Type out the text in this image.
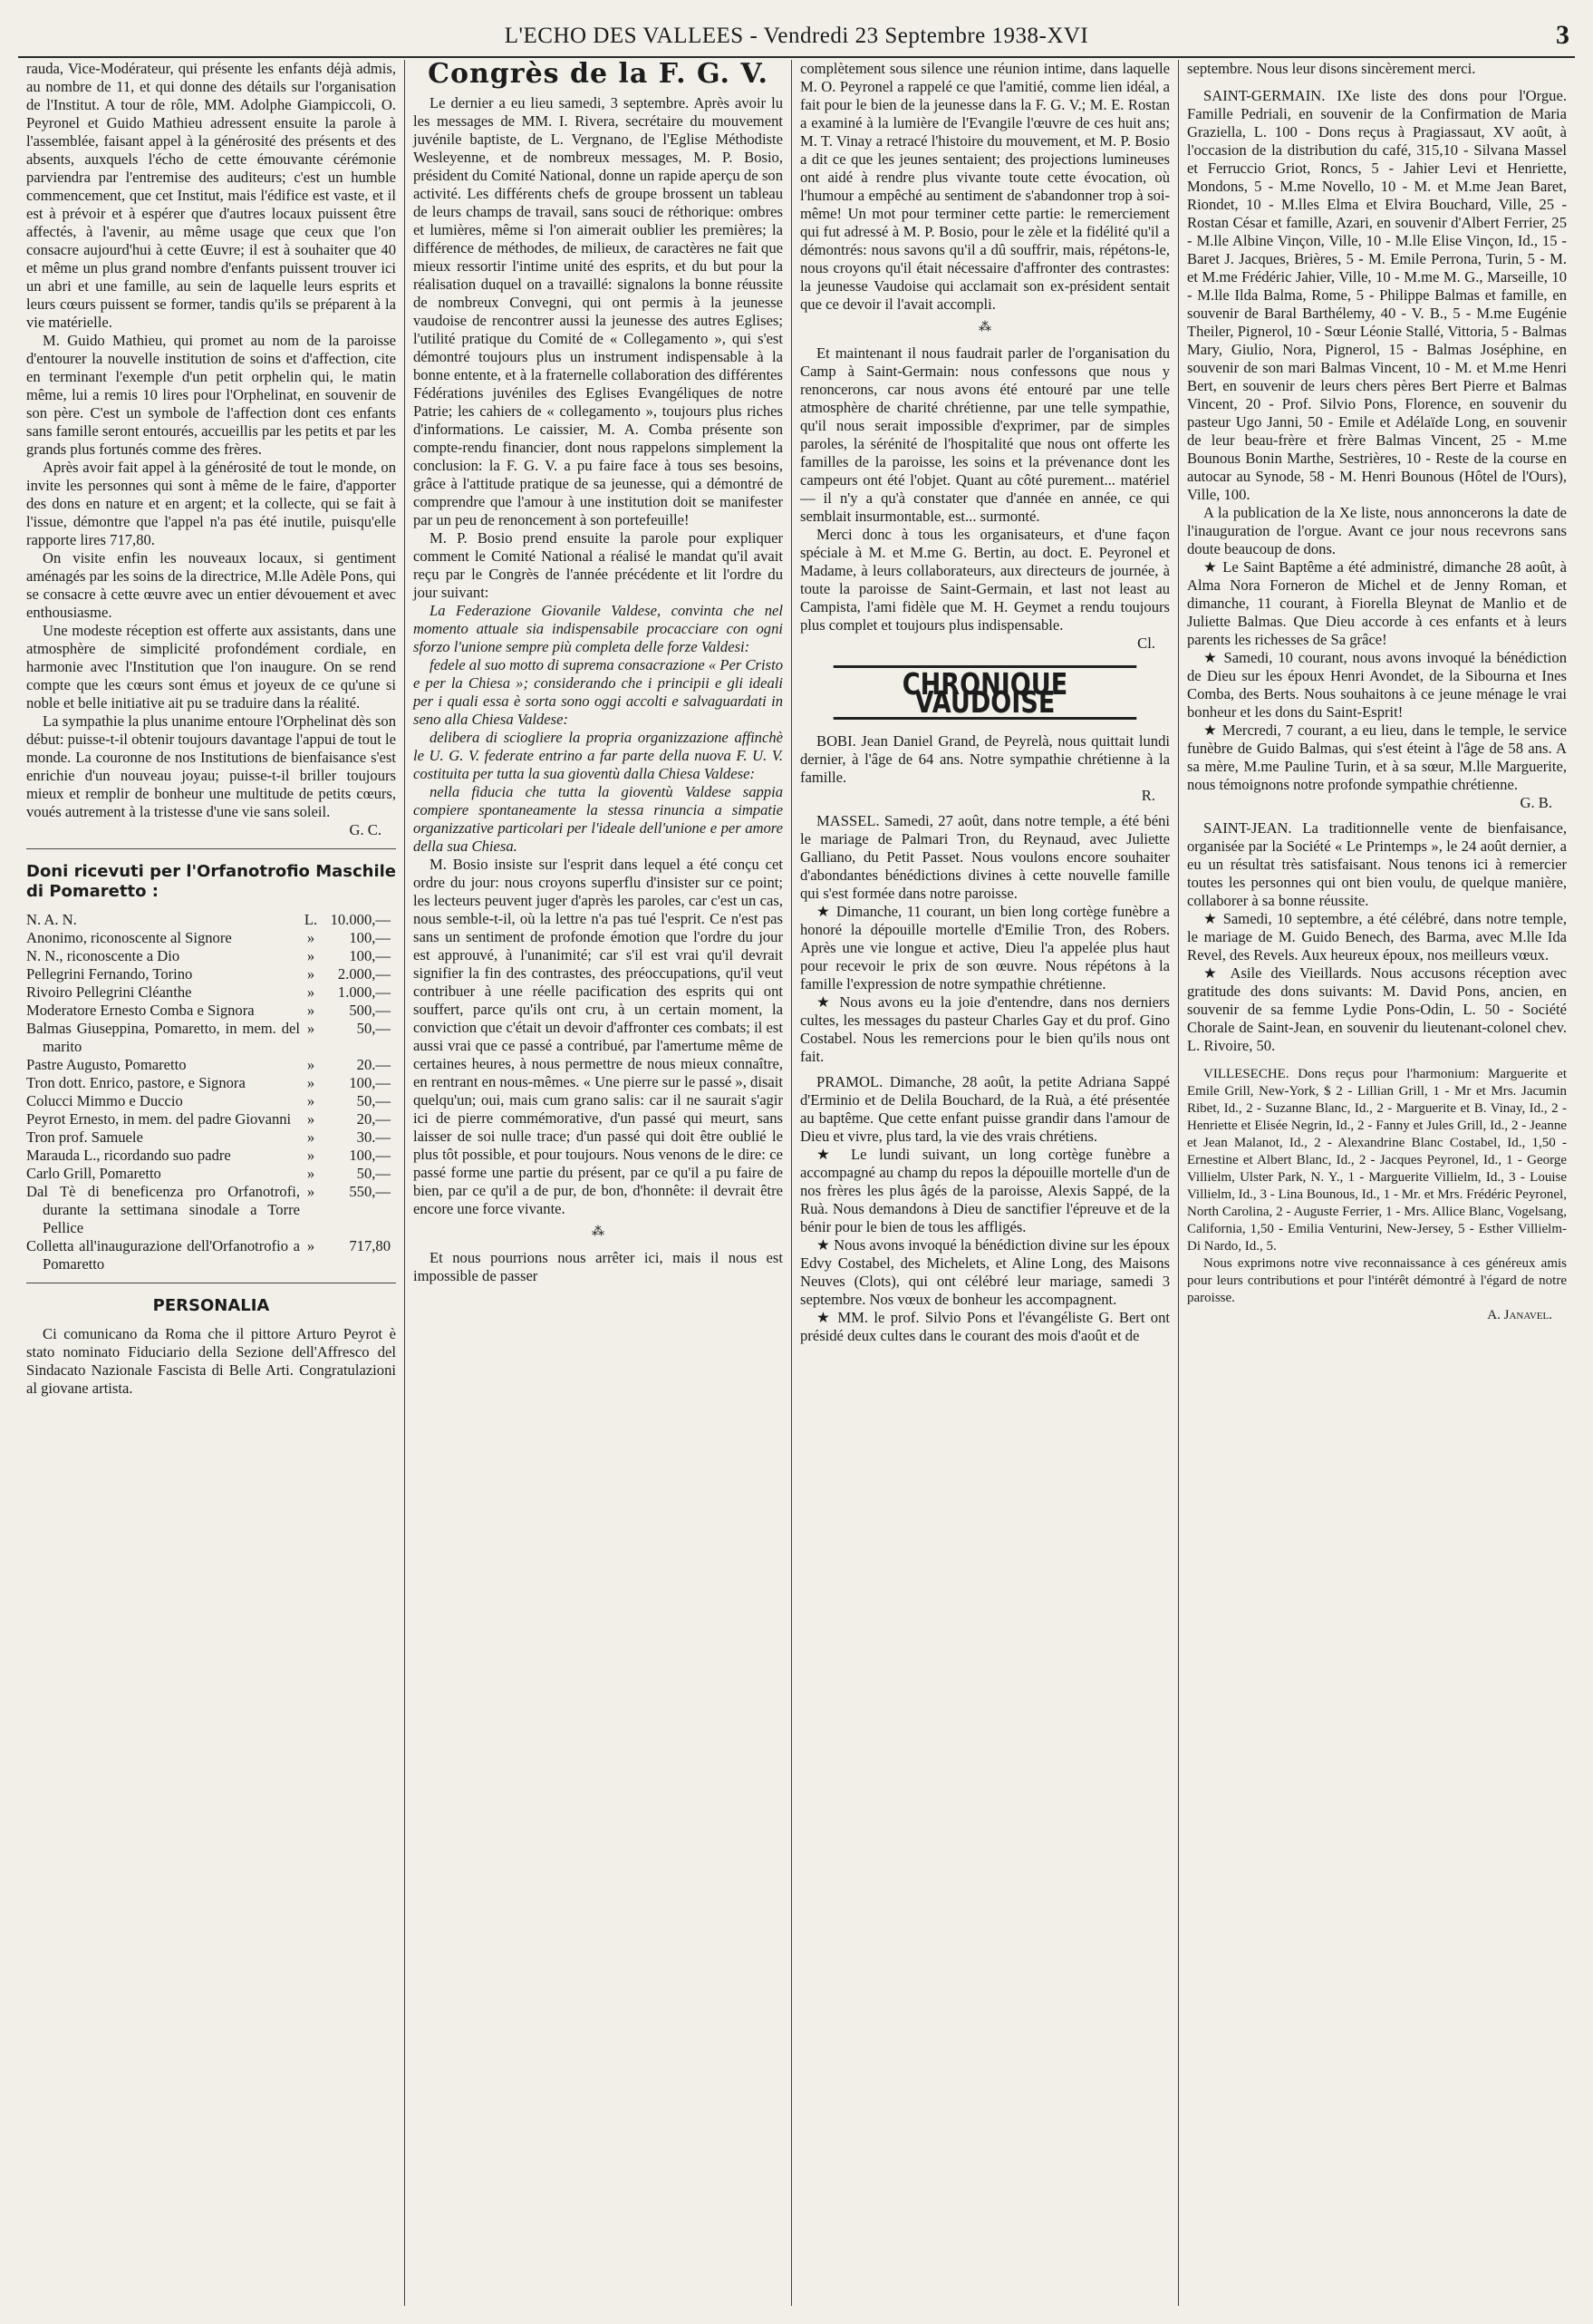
L'ECHO DES VALLEES - Vendredi 23 Septembre 1938-XVI	3

rauda, Vice-Modérateur, qui présente les enfants déjà admis, au nombre de 11, et qui donne des détails sur l'organisation de l'Institut. A tour de rôle, MM. Adolphe Giampiccoli, O. Peyronel et Guido Mathieu adressent ensuite la parole à l'assemblée, faisant appel à la générosité des présents et des absents, auxquels l'écho de cette émouvante cérémonie parviendra par l'entremise des auditeurs; c'est un humble commencement, que cet Institut, mais l'édifice est vaste, et il est à prévoir et à espérer que d'autres locaux puissent être affectés, à l'avenir, au même usage que ceux que l'on consacre aujourd'hui à cette Œuvre; il est à souhaiter que 40 et même un plus grand nombre d'enfants puissent trouver ici un abri et une famille, au sein de laquelle leurs esprits et leurs cœurs puissent se former, tandis qu'ils se préparent à la vie matérielle.

M. Guido Mathieu, qui promet au nom de la paroisse d'entourer la nouvelle institution de soins et d'affection, cite en terminant l'exemple d'un petit orphelin qui, le matin même, lui a remis 10 lires pour l'Orphelinat, en souvenir de son père. C'est un symbole de l'affection dont ces enfants sans famille seront entourés, accueillis par les petits et par les grands plus fortunés comme des frères.

Après avoir fait appel à la générosité de tout le monde, on invite les personnes qui sont à même de le faire, d'apporter des dons en nature et en argent; et la collecte, qui se fait à l'issue, démontre que l'appel n'a pas été inutile, puisqu'elle rapporte lires 717,80.

On visite enfin les nouveaux locaux, si gentiment aménagés par les soins de la directrice, M.lle Adèle Pons, qui se consacre à cette œuvre avec un entier dévouement et avec enthousiasme.

Une modeste réception est offerte aux assistants, dans une atmosphère de simplicité profondément cordiale, en harmonie avec l'Institution que l'on inaugure. On se rend compte que les cœurs sont émus et joyeux de ce qu'une si noble et belle initiative ait pu se traduire dans la réalité.

La sympathie la plus unanime entoure l'Orphelinat dès son début: puisse-t-il obtenir toujours davantage l'appui de tout le monde. La couronne de nos Institutions de bienfaisance s'est enrichie d'un nouveau joyau; puisse-t-il briller toujours mieux et remplir de bonheur une multitude de petits cœurs, voués autrement à la tristesse d'une vie sans soleil.

G. C.
Doni ricevuti per l'Orfanotrofio Maschile di Pomaretto :
N. A. N.	L. 10.000,—
Anonimo, riconoscente al Signore	»	100,—
N. N., riconoscente a Dio	»	100,—
Pellegrini Fernando, Torino	»	2.000,—
Rivoiro Pellegrini Cléanthe	»	1.000,—
Moderatore Ernesto Comba e Signora	»	500,—
Balmas Giuseppina, Pomaretto, in mem. del marito
»	50,—
Pastre Augusto, Pomaretto	»	20.—
Tron dott. Enrico, pastore, e Signora	»	100,—
Colucci Mimmo e Duccio	»	50,—
Peyrot Ernesto, in mem. del padre Giovanni	»	20,—
Tron prof. Samuele	»	30.—
Marauda L., ricordando suo padre	»	100,—
Carlo Grill, Pomaretto	»	50,—
Dal Tè di beneficenza pro Orfanotrofi, durante la settimana sinodale a Torre Pellice
»	550,—
Colletta all'inaugurazione dell'Orfanotrofio a Pomaretto
»	717,80
PERSONALIA

Ci comunicano da Roma che il pittore Arturo Peyrot è stato nominato Fiduciario della Sezione dell'Affresco del Sindacato Nazionale Fascista di Belle Arti. Congratulazioni al giovane artista.

Congrès de la F. G. V.

Le dernier a eu lieu samedi, 3 septembre. Après avoir lu les messages de MM. I. Rivera, secrétaire du mouvement juvénile baptiste, de L. Vergnano, de l'Eglise Méthodiste Wesleyenne, et de nombreux messages, M. P. Bosio, président du Comité National, donne un rapide aperçu de son activité. Les différents chefs de groupe brossent un tableau de leurs champs de travail, sans souci de réthorique: ombres et lumières, même si l'on aimerait oublier les premières; la différence de méthodes, de milieux, de caractères ne fait que mieux ressortir l'intime unité des esprits, et du but pour la réalisation duquel on a travaillé: signalons la bonne réussite de nombreux Convegni, qui ont permis à la jeunesse vaudoise de rencontrer aussi la jeunesse des autres Eglises; l'utilité pratique du Comité de « Collegamento », qui s'est démontré toujours plus un instrument indispensable à la bonne entente, et à la fraternelle collaboration des différentes Fédérations juvéniles des Eglises Evangéliques de notre Patrie; les cahiers de « collegamento », toujours plus riches d'informations. Le caissier, M. A. Comba présente son compte-rendu financier, dont nous rappelons simplement la conclusion: la F. G. V. a pu faire face à tous ses besoins, grâce à l'attitude pratique de sa jeunesse, qui a démontré de comprendre que l'amour à une institution doit se manifester par un peu de renoncement à son portefeuille!

M. P. Bosio prend ensuite la parole pour expliquer comment le Comité National a réalisé le mandat qu'il avait reçu par le Congrès de l'année précédente et lit l'ordre du jour suivant:

La Federazione Giovanile Valdese, convinta che nel momento attuale sia indispensabile procacciare con ogni sforzo l'unione sempre più completa delle forze Valdesi:

fedele al suo motto di suprema consacrazione « Per Cristo e per la Chiesa »; considerando che i principii e gli ideali per i quali essa è sorta sono oggi accolti e salvaguardati in seno alla Chiesa Valdese:

delibera di sciogliere la propria organizzazione affinchè le U. G. V. federate entrino a far parte della nuova F. U. V. costituita per tutta la sua gioventù dalla Chiesa Valdese:

nella fiducia che tutta la gioventù Valdese sappia compiere spontaneamente la stessa rinuncia a simpatie organizzative particolari per l'ideale dell'unione e per amore della sua Chiesa.

M. Bosio insiste sur l'esprit dans lequel a été conçu cet ordre du jour: nous croyons superflu d'insister sur ce point; les lecteurs peuvent juger d'après les paroles, car c'est un cas, nous semble-t-il, où la lettre n'a pas tué l'esprit. Ce n'est pas sans un sentiment de profonde émotion que l'ordre du jour est approuvé, à l'unanimité; car s'il est vrai qu'il devrait signifier la fin des contrastes, des préoccupations, qu'il veut contribuer à une réelle pacification des esprits qui ont souffert, parce qu'ils ont cru, à un certain moment, la conviction que c'était un devoir d'affronter ces combats; il est aussi vrai que ce passé a contribué, par l'amertume même de certaines heures, à nous permettre de nous mieux connaître, en rentrant en nous-mêmes. « Une pierre sur le passé », disait quelqu'un; oui, mais cum grano salis: car il ne saurait s'agir ici de pierre commémorative, d'un passé qui meurt, sans laisser de soi nulle trace; d'un passé qui doit être oublié le plus tôt possible, et pour toujours. Nous venons de le dire: ce passé forme une partie du présent, par ce qu'il a pu faire de bien, par ce qu'il a de pur, de bon, d'honnête: il devrait être encore une force vivante.

⁂

Et nous pourrions nous arrêter ici, mais il nous est impossible de passer

complètement sous silence une réunion intime, dans laquelle M. O. Peyronel a rappelé ce que l'amitié, comme lien idéal, a fait pour le bien de la jeunesse dans la F. G. V.; M. E. Rostan a examiné à la lumière de l'Evangile l'œuvre de ces huit ans; M. T. Vinay a retracé l'histoire du mouvement, et M. P. Bosio a dit ce que les jeunes sentaient; des projections lumineuses ont aidé à rendre plus vivante toute cette évocation, où l'humour a empêché au sentiment de s'abandonner trop à soi-même! Un mot pour terminer cette partie: le remerciement qui fut adressé à M. P. Bosio, pour le zèle et la fidélité qu'il a démontrés: nous savons qu'il a dû souffrir, mais, répétons-le, nous croyons qu'il était nécessaire d'affronter des contrastes: la jeunesse Vaudoise qui acclamait son ex-président sentait que ce devoir il l'avait accompli.

⁂

Et maintenant il nous faudrait parler de l'organisation du Camp à Saint-Germain: nous confessons que nous y renoncerons, car nous avons été entouré par une telle atmosphère de charité chrétienne, par une telle sympathie, qu'il nous serait impossible d'exprimer, par de simples paroles, la sérénité de l'hospitalité que nous ont offerte les familles de la paroisse, les soins et la prévenance dont les campeurs ont été l'objet. Quant au côté purement... matériel — il n'y a qu'à constater que d'année en année, ce qui semblait insurmontable, est... surmonté.

Merci donc à tous les organisateurs, et d'une façon spéciale à M. et M.me G. Bertin, au doct. E. Peyronel et Madame, à leurs collaborateurs, aux directeurs de journée, à toute la paroisse de Saint-Germain, et last not least au Campista, l'ami fidèle que M. H. Geymet a rendu toujours plus complet et toujours plus indispensable.

Cl.
CHRONIQUE VAUDOISE

BOBI. Jean Daniel Grand, de Peyrelà, nous quittait lundi dernier, à l'âge de 64 ans. Notre sympathie chrétienne à la famille.

R.

MASSEL. Samedi, 27 août, dans notre temple, a été béni le mariage de Palmari Tron, du Reynaud, avec Juliette Galliano, du Petit Passet. Nous voulons encore souhaiter d'abondantes bénédictions divines à cette nouvelle famille qui s'est formée dans notre paroisse.

★ Dimanche, 11 courant, un bien long cortège funèbre a honoré la dépouille mortelle d'Emilie Tron, des Robers. Après une vie longue et active, Dieu l'a appelée plus haut pour recevoir le prix de son œuvre. Nous répétons à la famille l'expression de notre sympathie chrétienne.

★ Nous avons eu la joie d'entendre, dans nos derniers cultes, les messages du pasteur Charles Gay et du prof. Gino Costabel. Nous les remercions pour le bien qu'ils nous ont fait.

PRAMOL. Dimanche, 28 août, la petite Adriana Sappé d'Erminio et de Delila Bouchard, de la Ruà, a été présentée au baptême. Que cette enfant puisse grandir dans l'amour de Dieu et vivre, plus tard, la vie des vrais chrétiens.

★ Le lundi suivant, un long cortège funèbre a accompagné au champ du repos la dépouille mortelle d'un de nos frères les plus âgés de la paroisse, Alexis Sappé, de la Ruà. Nous demandons à Dieu de sanctifier l'épreuve et de la bénir pour le bien de tous les affligés.

★ Nous avons invoqué la bénédiction divine sur les époux Edvy Costabel, des Michelets, et Aline Long, des Maisons Neuves (Clots), qui ont célébré leur mariage, samedi 3 septembre. Nos vœux de bonheur les accompagnent.

★ MM. le prof. Silvio Pons et l'évangéliste G. Bert ont présidé deux cultes dans le courant des mois d'août et de

septembre. Nous leur disons sincèrement merci.

SAINT-GERMAIN. IXe liste des dons pour l'Orgue. Famille Pedriali, en souvenir de la Confirmation de Maria Graziella, L. 100 - Dons reçus à Pragiassaut, XV août, à l'occasion de la distribution du café, 315,10 - Silvana Massel et Ferruccio Griot, Roncs, 5 - Jahier Levi et Henriette, Mondons, 5 - M.me Novello, 10 - M. et M.me Jean Baret, Riondet, 10 - M.lles Elma et Elvira Bouchard, Ville, 25 - Rostan César et famille, Azari, en souvenir d'Albert Ferrier, 25 - M.lle Albine Vinçon, Ville, 10 - M.lle Elise Vinçon, Id., 15 - Baret J. Jacques, Brières, 5 - M. Emile Perrona, Turin, 5 - M. et M.me Frédéric Jahier, Ville, 10 - M.me M. G., Marseille, 10 - M.lle Ilda Balma, Rome, 5 - Philippe Balmas et famille, en souvenir de Baral Barthélemy, 40 - V. B., 5 - M.me Eugénie Theiler, Pignerol, 10 - Sœur Léonie Stallé, Vittoria, 5 - Balmas Mary, Giulio, Nora, Pignerol, 15 - Balmas Joséphine, en souvenir de son mari Balmas Vincent, 10 - M. et M.me Henri Bert, en souvenir de leurs chers pères Bert Pierre et Balmas Vincent, 20 - Prof. Silvio Pons, Florence, en souvenir du pasteur Ugo Janni, 50 - Emile et Adélaïde Long, en souvenir de leur beau-frère et frère Balmas Vincent, 25 - M.me Bounous Bonin Marthe, Sestrières, 10 - Reste de la course en autocar au Synode, 58 - M. Henri Bounous (Hôtel de l'Ours), Ville, 100.

A la publication de la Xe liste, nous annoncerons la date de l'inauguration de l'orgue. Avant ce jour nous recevrons sans doute beaucoup de dons.

★ Le Saint Baptême a été administré, dimanche 28 août, à Alma Nora Forneron de Michel et de Jenny Roman, et dimanche, 11 courant, à Fiorella Bleynat de Manlio et de Juliette Balmas. Que Dieu accorde à ces enfants et à leurs parents les richesses de Sa grâce!

★ Samedi, 10 courant, nous avons invoqué la bénédiction de Dieu sur les époux Henri Avondet, de la Sibourna et Ines Comba, des Berts. Nous souhaitons à ce jeune ménage le vrai bonheur et les dons du Saint-Esprit!

★ Mercredi, 7 courant, a eu lieu, dans le temple, le service funèbre de Guido Balmas, qui s'est éteint à l'âge de 58 ans. A sa mère, M.me Pauline Turin, et à sa sœur, M.lle Marguerite, nous témoignons notre profonde sympathie chrétienne.

G. B.

SAINT-JEAN. La traditionnelle vente de bienfaisance, organisée par la Société « Le Printemps », le 24 août dernier, a eu un résultat très satisfaisant. Nous tenons ici à remercier toutes les personnes qui ont bien voulu, de quelque manière, collaborer à sa bonne réussite.

★ Samedi, 10 septembre, a été célébré, dans notre temple, le mariage de M. Guido Benech, des Barma, avec M.lle Ida Revel, des Revels. Aux heureux époux, nos meilleurs vœux.

★ Asile des Vieillards. Nous accusons réception avec gratitude des dons suivants: M. David Pons, ancien, en souvenir de sa femme Lydie Pons-Odin, L. 50 - Société Chorale de Saint-Jean, en souvenir du lieutenant-colonel chev. L. Rivoire, 50.

VILLESECHE. Dons reçus pour l'harmonium: Marguerite et Emile Grill, New-York, $ 2 - Lillian Grill, 1 - Mr et Mrs. Jacumin Ribet, Id., 2 - Suzanne Blanc, Id., 2 - Marguerite et B. Vinay, Id., 2 - Henriette et Elisée Negrin, Id., 2 - Fanny et Jules Grill, Id., 2 - Jeanne et Jean Malanot, Id., 2 - Alexandrine Blanc Costabel, Id., 1,50 - Ernestine et Albert Blanc, Id., 2 - Jacques Peyronel, Id., 1 - George Villielm, Ulster Park, N. Y., 1 - Marguerite Villielm, Id., 3 - Louise Villielm, Id., 3 - Lina Bounous, Id., 1 - Mr. et Mrs. Frédéric Peyronel, North Carolina, 2 - Auguste Ferrier, 1 - Mrs. Allice Blanc, Vogelsang, California, 1,50 - Emilia Venturini, New-Jersey, 5 - Esther Villielm-Di Nardo, Id., 5.

Nous exprimons notre vive reconnaissance à ces généreux amis pour leurs contributions et pour l'intérêt démontré à l'égard de notre paroisse.

A. Janavel.
